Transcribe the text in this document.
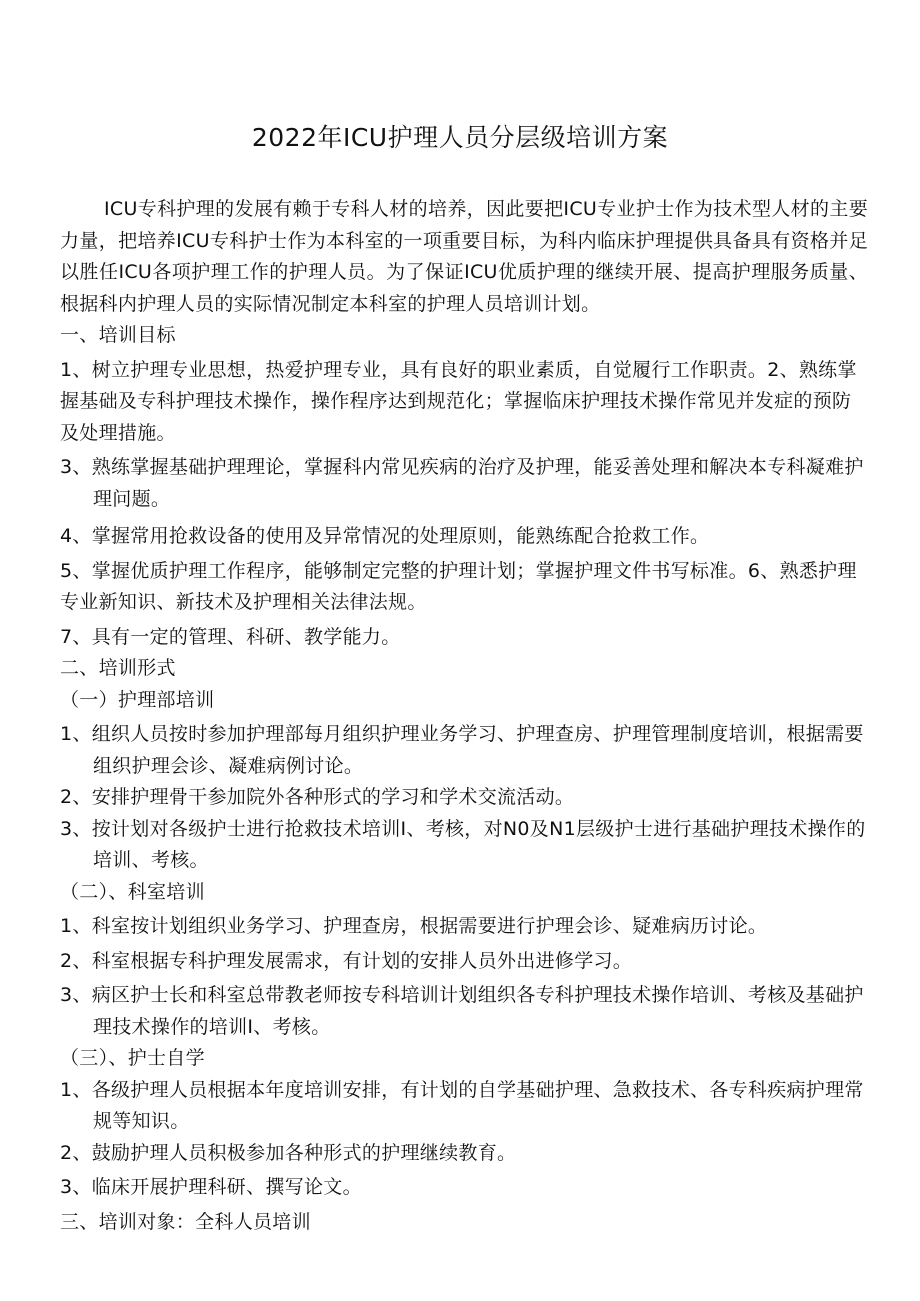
2022年ICU护理人员分层级培训方案

ICU专科护理的发展有赖于专科人材的培养，因此要把ICU专业护士作为技术型人材的主要力量，把培养ICU专科护士作为本科室的一项重要目标，为科内临床护理提供具备具有资格并足以胜任ICU各项护理工作的护理人员。为了保证ICU优质护理的继续开展、提高护理服务质量、根据科内护理人员的实际情况制定本科室的护理人员培训计划。

一、培训目标

1、树立护理专业思想，热爱护理专业，具有良好的职业素质，自觉履行工作职责。2、熟练掌握基础及专科护理技术操作，操作程序达到规范化；掌握临床护理技术操作常见并发症的预防及处理措施。

3、熟练掌握基础护理理论，掌握科内常见疾病的治疗及护理，能妥善处理和解决本专科凝难护理问题。

4、掌握常用抢救设备的使用及异常情况的处理原则，能熟练配合抢救工作。

5、掌握优质护理工作程序，能够制定完整的护理计划；掌握护理文件书写标准。6、熟悉护理专业新知识、新技术及护理相关法律法规。

7、具有一定的管理、科研、教学能力。

二、培训形式

（一）护理部培训

1、组织人员按时参加护理部每月组织护理业务学习、护理查房、护理管理制度培训，根据需要组织护理会诊、凝难病例讨论。

2、安排护理骨干参加院外各种形式的学习和学术交流活动。

3、按计划对各级护士进行抢救技术培训I、考核，对N0及N1层级护士进行基础护理技术操作的培训、考核。

（二）、科室培训

1、科室按计划组织业务学习、护理查房，根据需要进行护理会诊、疑难病历讨论。

2、科室根据专科护理发展需求，有计划的安排人员外出进修学习。

3、病区护士长和科室总带教老师按专科培训计划组织各专科护理技术操作培训、考核及基础护理技术操作的培训I、考核。

（三）、护士自学

1、各级护理人员根据本年度培训安排，有计划的自学基础护理、急救技术、各专科疾病护理常规等知识。

2、鼓励护理人员积极参加各种形式的护理继续教育。

3、临床开展护理科研、撰写论文。

三、培训对象：全科人员培训
